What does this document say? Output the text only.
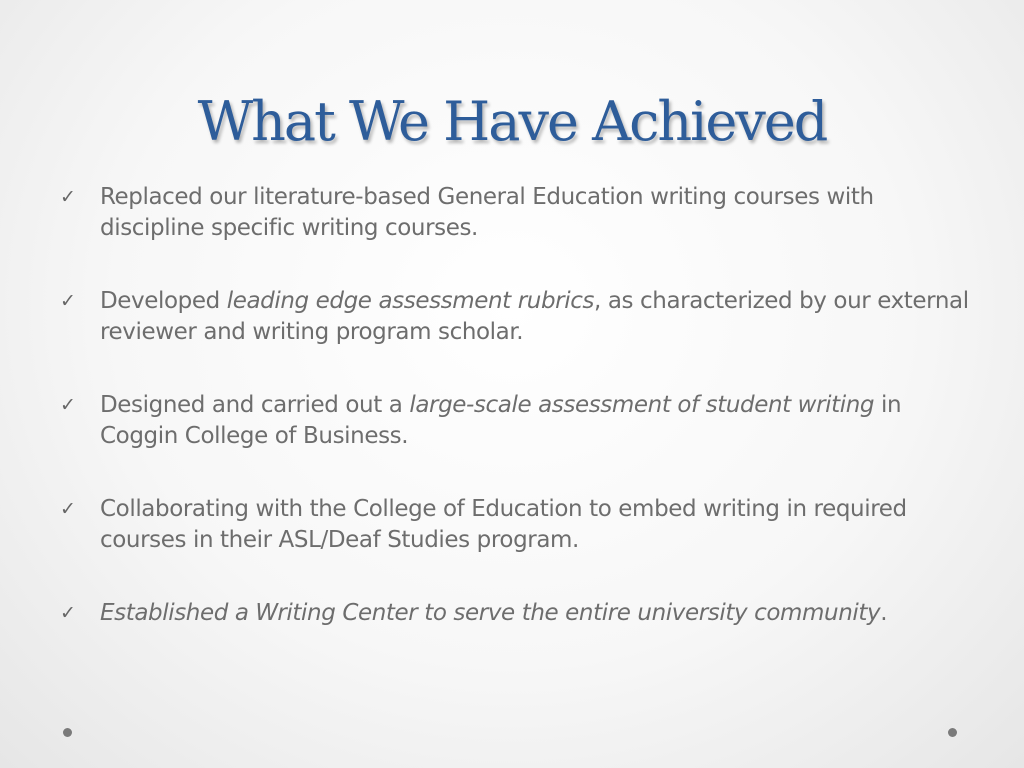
What We Have Achieved
✓ Replaced our literature-based General Education writing courses with discipline specific writing courses.
✓ Developed leading edge assessment rubrics, as characterized by our external reviewer and writing program scholar.
✓ Designed and carried out a large-scale assessment of student writing in Coggin College of Business.
✓ Collaborating with the College of Education to embed writing in required courses in their ASL/Deaf Studies program.
✓ Established a Writing Center to serve the entire university community.
